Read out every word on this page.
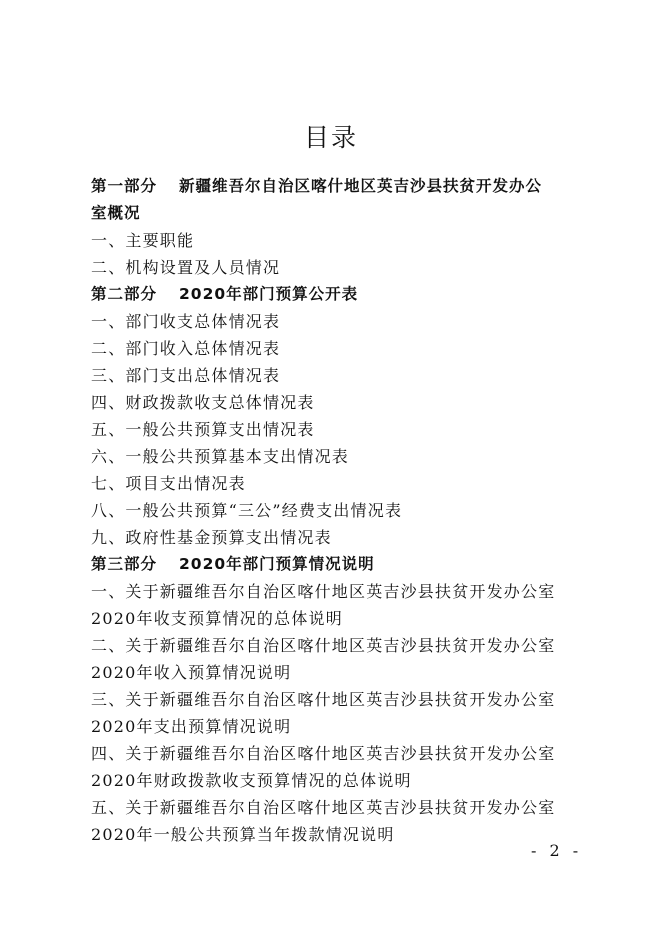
目录
第一部分 新疆维吾尔自治区喀什地区英吉沙县扶贫开发办公
室概况
一、主要职能
二、机构设置及人员情况
第二部分 2020年部门预算公开表
一、部门收支总体情况表
二、部门收入总体情况表
三、部门支出总体情况表
四、财政拨款收支总体情况表
五、一般公共预算支出情况表
六、一般公共预算基本支出情况表
七、项目支出情况表
八、一般公共预算“三公”经费支出情况表
九、政府性基金预算支出情况表
第三部分 2020年部门预算情况说明
一、关于新疆维吾尔自治区喀什地区英吉沙县扶贫开发办公室
2020年收支预算情况的总体说明
二、关于新疆维吾尔自治区喀什地区英吉沙县扶贫开发办公室
2020年收入预算情况说明
三、关于新疆维吾尔自治区喀什地区英吉沙县扶贫开发办公室
2020年支出预算情况说明
四、关于新疆维吾尔自治区喀什地区英吉沙县扶贫开发办公室
2020年财政拨款收支预算情况的总体说明
五、关于新疆维吾尔自治区喀什地区英吉沙县扶贫开发办公室
2020年一般公共预算当年拨款情况说明
- 2 -
